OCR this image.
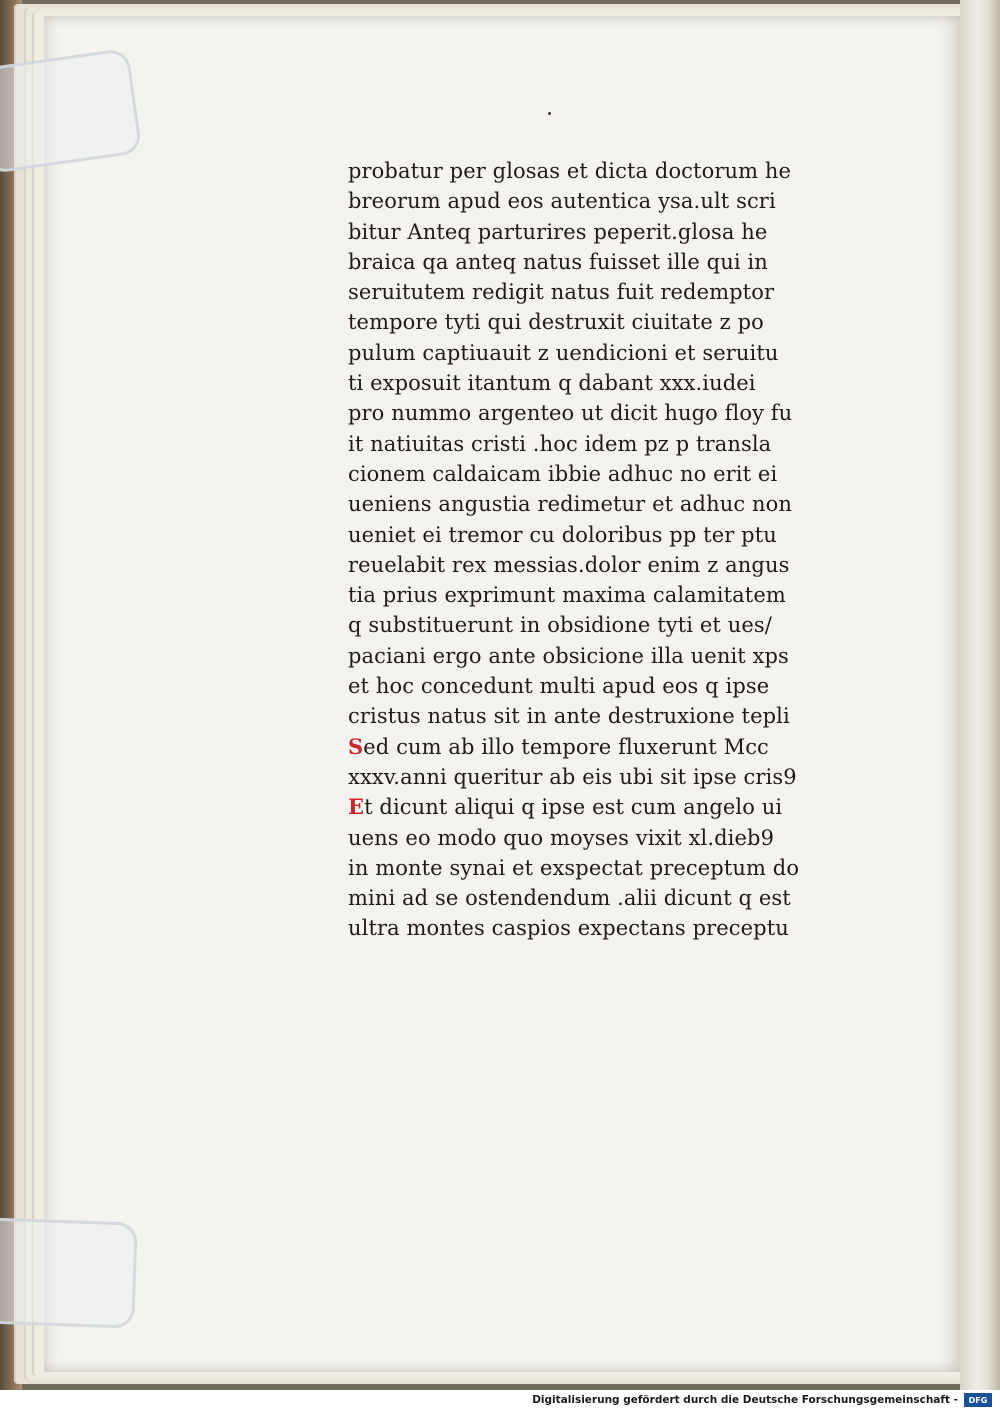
probatur per glosas et dicta doctorum he
breorum apud eos autentica ysa.ult scri
bitur Anteq parturires peperit.glosa he
braica qa anteq natus fuisset ille qui in
seruitutem redigit natus fuit redemptor
tempore tyti qui destruxit ciuitate z po
pulum captiuauit z uendicioni et seruitu
ti exposuit itantum q dabant xxx.iudei
pro nummo argenteo ut dicit hugo floy fu
it natiuitas cristi .hoc idem pz p transla
cionem caldaicam ibbie adhuc no erit ei
ueniens angustia redimetur et adhuc non
ueniet ei tremor cu doloribus pp ter ptu
reuelabit rex messias.dolor enim z angus
tia prius exprimunt maxima calamitatem
q substituerunt in obsidione tyti et ues/
paciani ergo ante obsicione illa uenit xps
et hoc concedunt multi apud eos q ipse
cristus natus sit in ante destruxione tepli
Sed cum ab illo tempore fluxerunt Mcc
xxxv.anni queritur ab eis ubi sit ipse cris9
Et dicunt aliqui q ipse est cum angelo ui
uens eo modo quo moyses vixit xl.dieb9
in monte synai et exspectat preceptum do
mini ad se ostendendum .alii dicunt q est
ultra montes caspios expectans preceptu
Digitalisierung gefördert durch die Deutsche Forschungsgemeinschaft -	DFG
